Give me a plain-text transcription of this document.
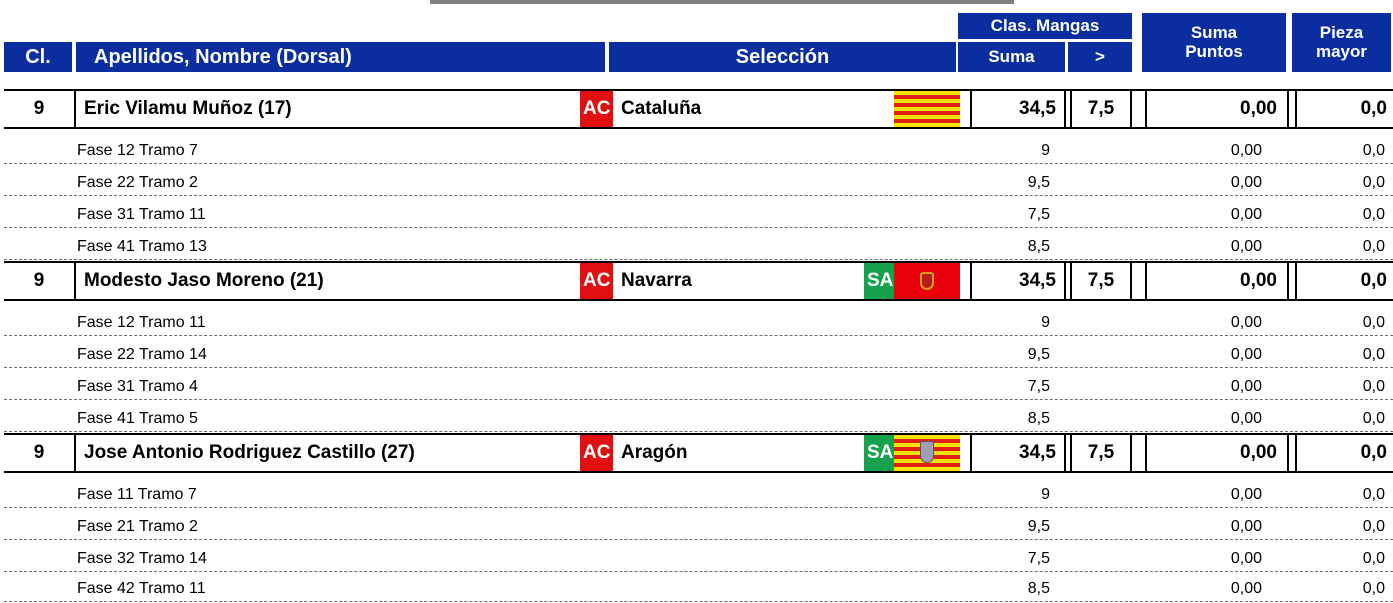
Cl.	Apellidos, Nombre (Dorsal)	Selección
Clas. Mangas
Suma	>
Suma
Puntos
Pieza
mayor
9	Eric Vilamu Muñoz (17)	AC Cataluña	34,5	7,5	0,00	0,0
Fase 12 Tramo 7	9	0,00	0,0
Fase 22 Tramo 2	9,5	0,00	0,0
Fase 31 Tramo 11	7,5	0,00	0,0
Fase 41 Tramo 13	8,5	0,00	0,0
9	Modesto Jaso Moreno (21)	AC Navarra	SA	34,5	7,5	0,00	0,0
Fase 12 Tramo 11	9	0,00	0,0
Fase 22 Tramo 14	9,5	0,00	0,0
Fase 31 Tramo 4	7,5	0,00	0,0
Fase 41 Tramo 5	8,5	0,00	0,0
9	Jose Antonio Rodriguez Castillo (27)	AC Aragón	SA	34,5	7,5	0,00	0,0
Fase 11 Tramo 7	9	0,00	0,0
Fase 21 Tramo 2	9,5	0,00	0,0
Fase 32 Tramo 14	7,5	0,00	0,0
Fase 42 Tramo 11	8,5	0,00	0,0
